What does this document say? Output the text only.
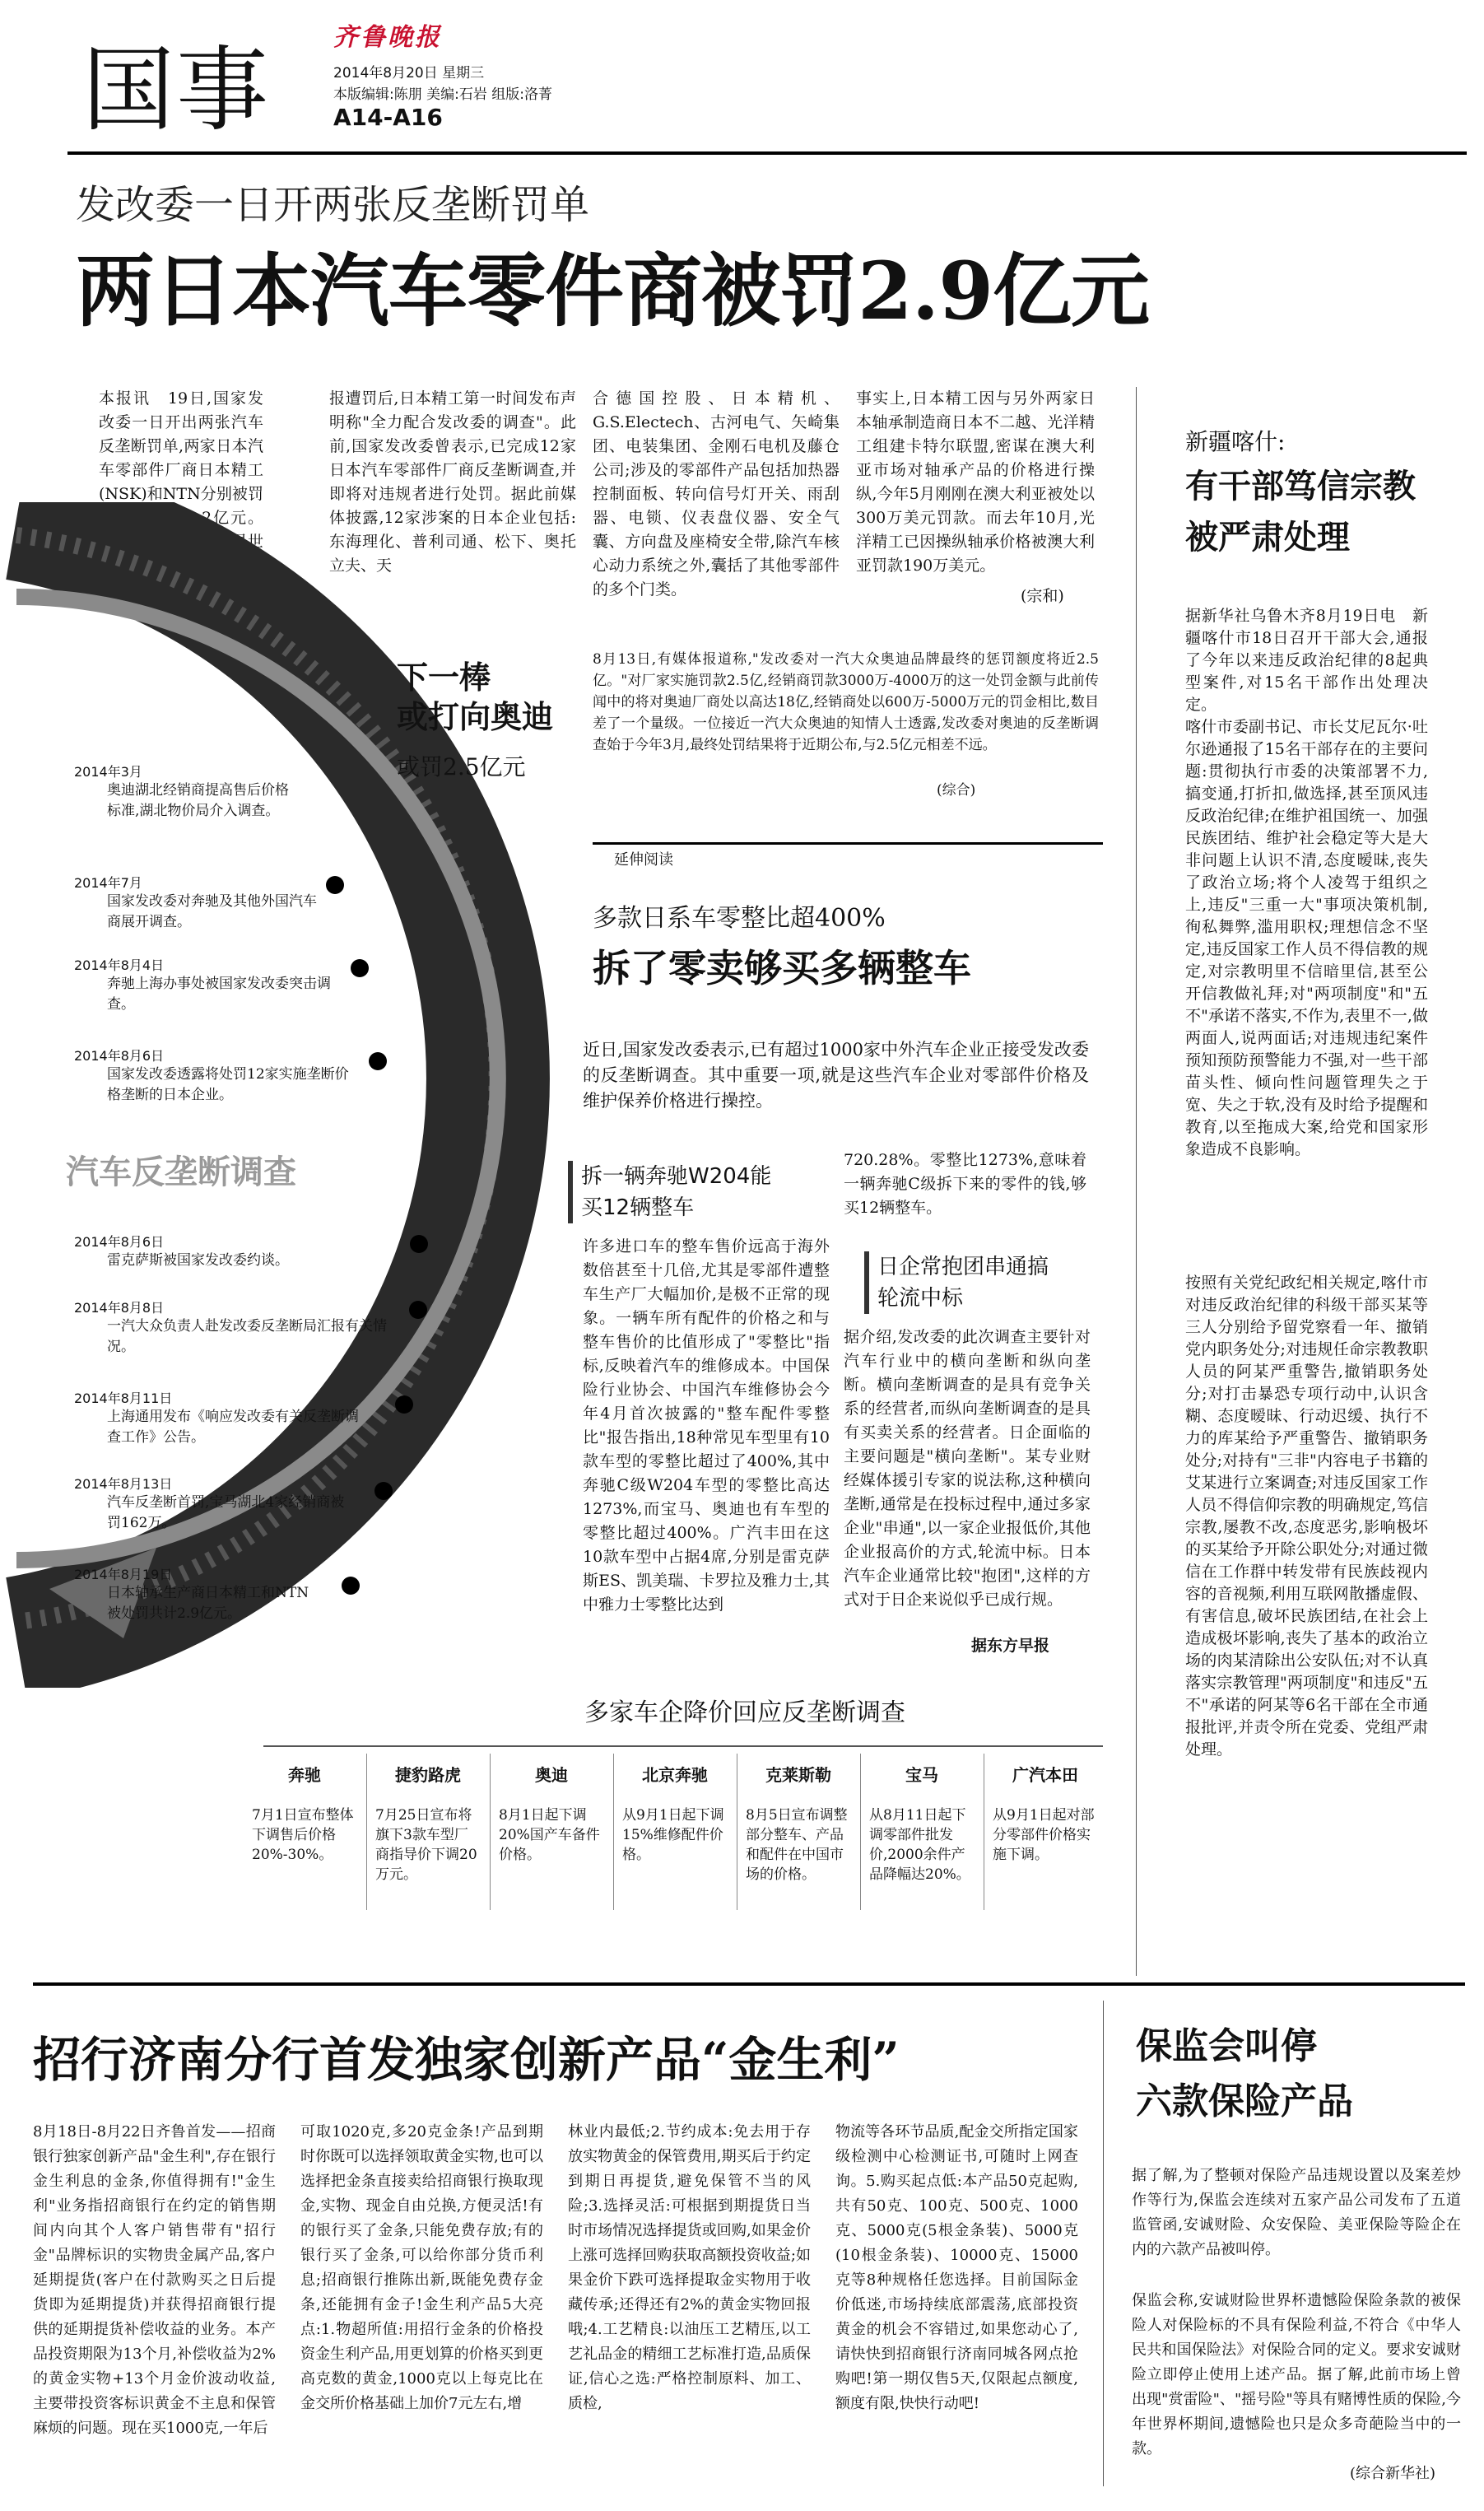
国事	齐鲁晚报
2014年8月20日 星期三
本版编辑:陈朋 美编:石岩 组版:洛菁
A14-A16
发改委一日开两张反垄断罚单
两日本汽车零件商被罚2.9亿元
本报讯　19日,国家发改委一日开出两张汽车反垄断罚单,两家日本汽车零部件厂商日本精工(NSK)和NTN分别被罚1.74亿元和1.2亿元。日本精工和NTN都是世界上最大的轴承生产商之一。此次被发改委通
报遭罚后,日本精工第一时间发布声明称"全力配合发改委的调查"。此前,国家发改委曾表示,已完成12家日本汽车零部件厂商反垄断调查,并即将对违规者进行处罚。据此前媒体披露,12家涉案的日本企业包括:东海理化、普利司通、松下、奥托立夫、天
合德国控股、日本精机、G.S.Electech、古河电气、矢崎集团、电装集团、金刚石电机及藤仓公司;涉及的零部件产品包括加热器控制面板、转向信号灯开关、雨刮器、电锁、仪表盘仪器、安全气囊、方向盘及座椅安全带,除汽车核心动力系统之外,囊括了其他零部件的多个门类。
事实上,日本精工因与另外两家日本轴承制造商日本不二越、光洋精工组建卡特尔联盟,密谋在澳大利亚市场对轴承产品的价格进行操纵,今年5月刚刚在澳大利亚被处以300万美元罚款。而去年10月,光洋精工已因操纵轴承价格被澳大利亚罚款190万美元。
(宗和)
汽车反垄断调查
2014年3月
奥迪湖北经销商提高售后价格标准,湖北物价局介入调查。
2014年7月
国家发改委对奔驰及其他外国汽车商展开调查。
2014年8月4日
奔驰上海办事处被国家发改委突击调查。
2014年8月6日
国家发改委透露将处罚12家实施垄断价格垄断的日本企业。
2014年8月6日
雷克萨斯被国家发改委约谈。
2014年8月8日
一汽大众负责人赴发改委反垄断局汇报有关情况。
2014年8月11日
上海通用发布《响应发改委有关反垄断调查工作》公告。
2014年8月13日
汽车反垄断首罚,宝马湖北4家经销商被罚162万。
2014年8月19日
日本轴承生产商日本精工和NTN被处罚共计2.9亿元。
下一棒
或打向奥迪
或罚2.5亿元
8月13日,有媒体报道称,"发改委对一汽大众奥迪品牌最终的惩罚额度将近2.5亿。"对厂家实施罚款2.5亿,经销商罚款3000万-4000万的这一处罚金额与此前传闻中的将对奥迪厂商处以高达18亿,经销商处以600万-5000万元的罚金相比,数目差了一个量级。一位接近一汽大众奥迪的知情人士透露,发改委对奥迪的反垄断调查始于今年3月,最终处罚结果将于近期公布,与2.5亿元相差不远。
(综合)
延伸阅读
多款日系车零整比超400%
拆了零卖够买多辆整车
近日,国家发改委表示,已有超过1000家中外汽车企业正接受发改委的反垄断调查。其中重要一项,就是这些汽车企业对零部件价格及维护保养价格进行操控。
拆一辆奔驰W204能买12辆整车
许多进口车的整车售价远高于海外数倍甚至十几倍,尤其是零部件遭整车生产厂大幅加价,是极不正常的现象。一辆车所有配件的价格之和与整车售价的比值形成了"零整比"指标,反映着汽车的维修成本。中国保险行业协会、中国汽车维修协会今年4月首次披露的"整车配件零整比"报告指出,18种常见车型里有10款车型的零整比超过了400%,其中奔驰C级W204车型的零整比高达1273%,而宝马、奥迪也有车型的零整比超过400%。广汽丰田在这10款车型中占据4席,分别是雷克萨斯ES、凯美瑞、卡罗拉及雅力士,其中雅力士零整比达到
720.28%。零整比1273%,意味着一辆奔驰C级拆下来的零件的钱,够买12辆整车。
日企常抱团串通搞轮流中标
据介绍,发改委的此次调查主要针对汽车行业中的横向垄断和纵向垄断。横向垄断调查的是具有竞争关系的经营者,而纵向垄断调查的是具有买卖关系的经营者。日企面临的主要问题是"横向垄断"。某专业财经媒体援引专家的说法称,这种横向垄断,通常是在投标过程中,通过多家企业"串通",以一家企业报低价,其他企业报高价的方式,轮流中标。日本汽车企业通常比较"抱团",这样的方式对于日企来说似乎已成行规。
据东方早报
多家车企降价回应反垄断调查
奔驰
7月1日宣布整体下调售后价格20%-30%。
捷豹路虎
7月25日宣布将旗下3款车型厂商指导价下调20万元。
奥迪
8月1日起下调20%国产车备件价格。
北京奔驰
从9月1日起下调15%维修配件价格。
克莱斯勒
8月5日宣布调整部分整车、产品和配件在中国市场的价格。
宝马
从8月11日起下调零部件批发价,2000余件产品降幅达20%。
广汽本田
从9月1日起对部分零部件价格实施下调。
新疆喀什:
有干部笃信宗教
被严肃处理
据新华社乌鲁木齐8月19日电　新疆喀什市18日召开干部大会,通报了今年以来违反政治纪律的8起典型案件,对15名干部作出处理决定。
喀什市委副书记、市长艾尼瓦尔·吐尔逊通报了15名干部存在的主要问题:贯彻执行市委的决策部署不力,搞变通,打折扣,做选择,甚至顶风违反政治纪律;在维护祖国统一、加强民族团结、维护社会稳定等大是大非问题上认识不清,态度暧昧,丧失了政治立场;将个人凌驾于组织之上,违反"三重一大"事项决策机制,徇私舞弊,滥用职权;理想信念不坚定,违反国家工作人员不得信教的规定,对宗教明里不信暗里信,甚至公开信教做礼拜;对"两项制度"和"五不"承诺不落实,不作为,表里不一,做两面人,说两面话;对违规违纪案件预知预防预警能力不强,对一些干部苗头性、倾向性问题管理失之于宽、失之于软,没有及时给予提醒和教育,以至拖成大案,给党和国家形象造成不良影响。
按照有关党纪政纪相关规定,喀什市对违反政治纪律的科级干部买某等三人分别给予留党察看一年、撤销党内职务处分;对违规任命宗教教职人员的阿某严重警告,撤销职务处分;对打击暴恐专项行动中,认识含糊、态度暧昧、行动迟缓、执行不力的库某给予严重警告、撤销职务处分;对持有"三非"内容电子书籍的艾某进行立案调查;对违反国家工作人员不得信仰宗教的明确规定,笃信宗教,屡教不改,态度恶劣,影响极坏的买某给予开除公职处分;对通过微信在工作群中转发带有民族歧视内容的音视频,利用互联网散播虚假、有害信息,破坏民族团结,在社会上造成极坏影响,丧失了基本的政治立场的肉某清除出公安队伍;对不认真落实宗教管理"两项制度"和违反"五不"承诺的阿某等6名干部在全市通报批评,并责令所在党委、党组严肃处理。
招行济南分行首发独家创新产品“金生利”
8月18日-8月22日齐鲁首发——招商银行独家创新产品"金生利",存在银行金生利息的金条,你值得拥有!"金生利"业务指招商银行在约定的销售期间内向其个人客户销售带有"招行金"品牌标识的实物贵金属产品,客户延期提货(客户在付款购买之日后提货即为延期提货)并获得招商银行提供的延期提货补偿收益的业务。本产品投资期限为13个月,补偿收益为2%的黄金实物+13个月金价波动收益,主要带投资客标识黄金不主息和保管麻烦的问题。现在买1000克,一年后
可取1020克,多20克金条!产品到期时你既可以选择领取黄金实物,也可以选择把金条直接卖给招商银行换取现金,实物、现金自由兑换,方便灵活!有的银行买了金条,只能免费存放;有的银行买了金条,可以给你部分货币利息;招商银行推陈出新,既能免费存金条,还能拥有金子!金生利产品5大亮点:1.物超所值:用招行金条的价格投资金生利产品,用更划算的价格买到更高克数的黄金,1000克以上每克比在金交所价格基础上加价7元左右,增
林业内最低;2.节约成本:免去用于存放实物黄金的保管费用,期买后于约定到期日再提货,避免保管不当的风险;3.选择灵活:可根据到期提货日当时市场情况选择提货或回购,如果金价上涨可选择回购获取高额投资收益;如果金价下跌可选择提取金实物用于收藏传承;还得还有2%的黄金实物回报哦;4.工艺精良:以油压工艺精压,以工艺礼品金的精细工艺标准打造,品质保证,信心之选:严格控制原料、加工、质检,
物流等各环节品质,配金交所指定国家级检测中心检测证书,可随时上网查询。5.购买起点低:本产品50克起购,共有50克、100克、500克、1000克、5000克(5根金条装)、5000克(10根金条装)、10000克、15000克等8种规格任您选择。目前国际金价低迷,市场持续底部震荡,底部投资黄金的机会不容错过,如果您动心了,请快快到招商银行济南同城各网点抢购吧!第一期仅售5天,仅限起点额度,额度有限,快快行动吧!
保监会叫停
六款保险产品
据了解,为了整顿对保险产品违规设置以及案差炒作等行为,保监会连续对五家产品公司发布了五道监管函,安诚财险、众安保险、美亚保险等险企在内的六款产品被叫停。
保监会称,安诚财险世界杯遗憾险保险条款的被保险人对保险标的不具有保险利益,不符合《中华人民共和国保险法》对保险合同的定义。要求安诚财险立即停止使用上述产品。据了解,此前市场上曾出现"赏雷险"、"摇号险"等具有赌博性质的保险,今年世界杯期间,遗憾险也只是众多奇葩险当中的一款。
(综合新华社)
